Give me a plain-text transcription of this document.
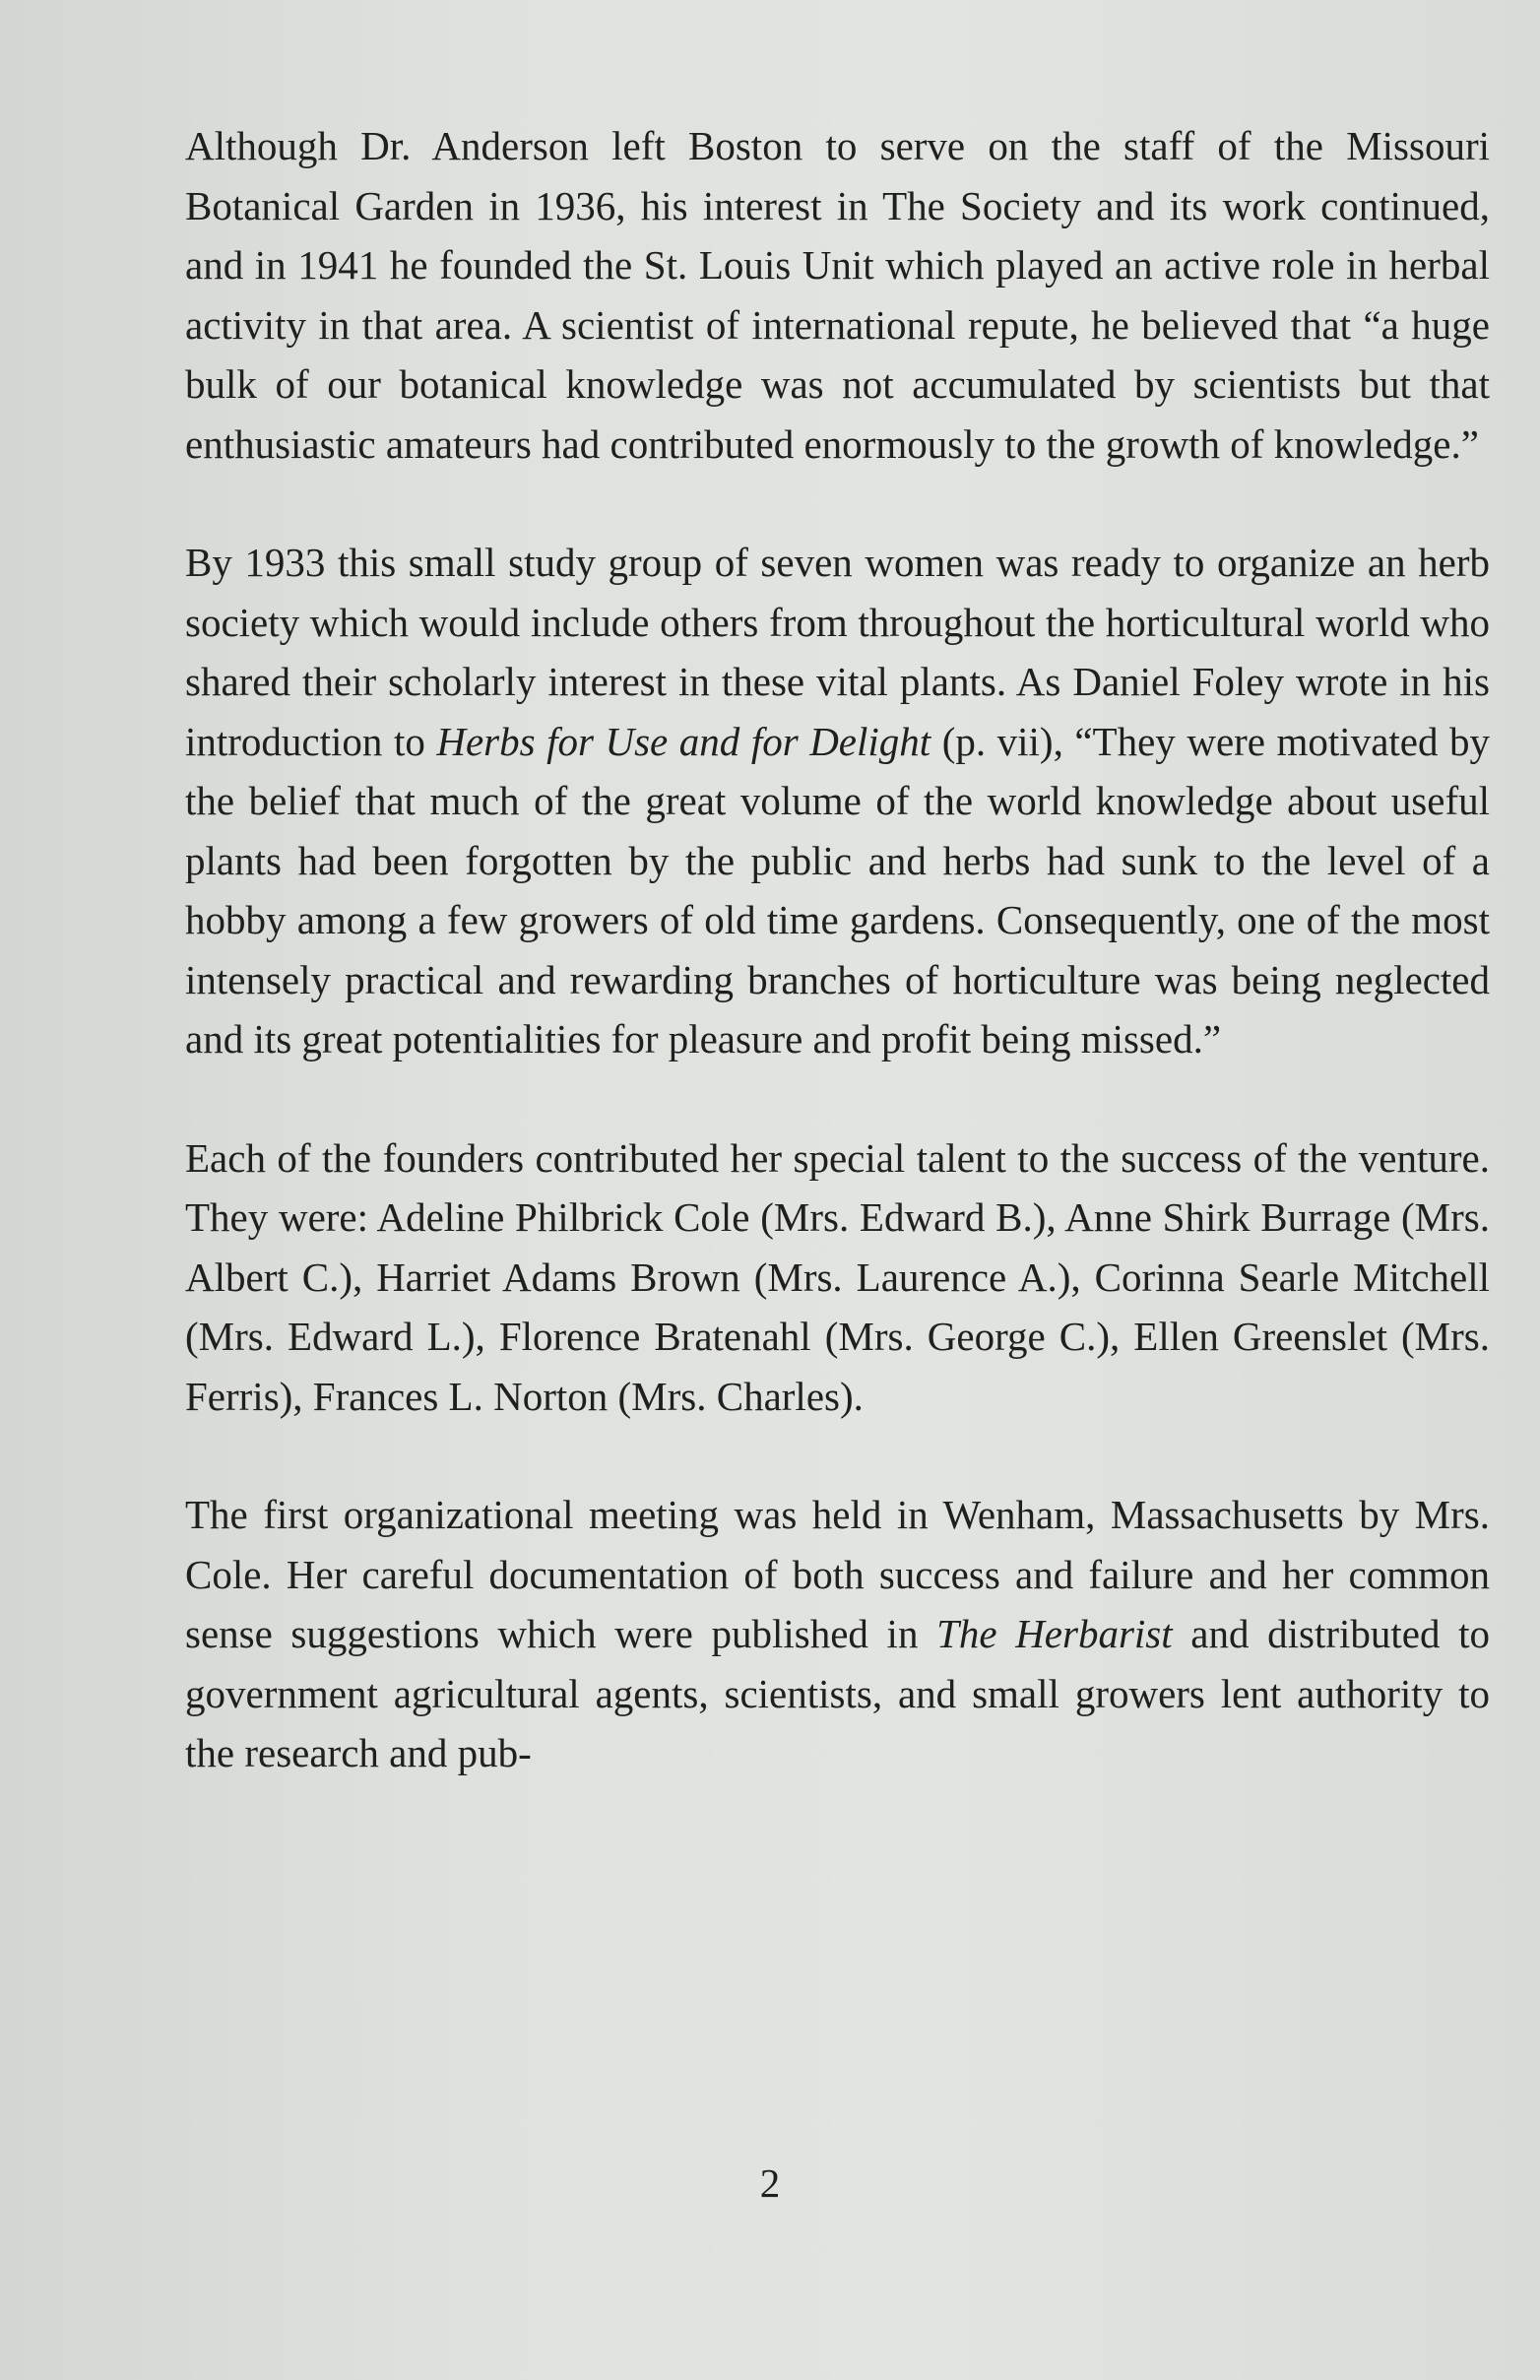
Although Dr. Anderson left Boston to serve on the staff of the Missouri Botanical Garden in 1936, his interest in The Society and its work continued, and in 1941 he founded the St. Louis Unit which played an active role in herbal activity in that area. A scientist of international repute, he believed that “a huge bulk of our botanical knowledge was not accumulated by scientists but that enthusiastic amateurs had contributed enormously to the growth of knowledge.”

By 1933 this small study group of seven women was ready to organize an herb society which would include others from throughout the horticultural world who shared their scholarly interest in these vital plants. As Daniel Foley wrote in his introduction to Herbs for Use and for Delight (p. vii), “They were motivated by the belief that much of the great volume of the world knowledge about useful plants had been forgotten by the public and herbs had sunk to the level of a hobby among a few growers of old time gardens. Consequently, one of the most intensely practical and rewarding branches of horticulture was being neglected and its great potentialities for pleasure and profit being missed.”

Each of the founders contributed her special talent to the success of the venture. They were: Adeline Philbrick Cole (Mrs. Edward B.), Anne Shirk Burrage (Mrs. Albert C.), Harriet Adams Brown (Mrs. Laurence A.), Corinna Searle Mitchell (Mrs. Edward L.), Florence Bratenahl (Mrs. George C.), Ellen Greenslet (Mrs. Ferris), Frances L. Norton (Mrs. Charles).

The first organizational meeting was held in Wenham, Massachusetts by Mrs. Cole. Her careful documentation of both success and failure and her common sense suggestions which were published in The Herbarist and distributed to government agricultural agents, scientists, and small growers lent authority to the research and pub-

2
